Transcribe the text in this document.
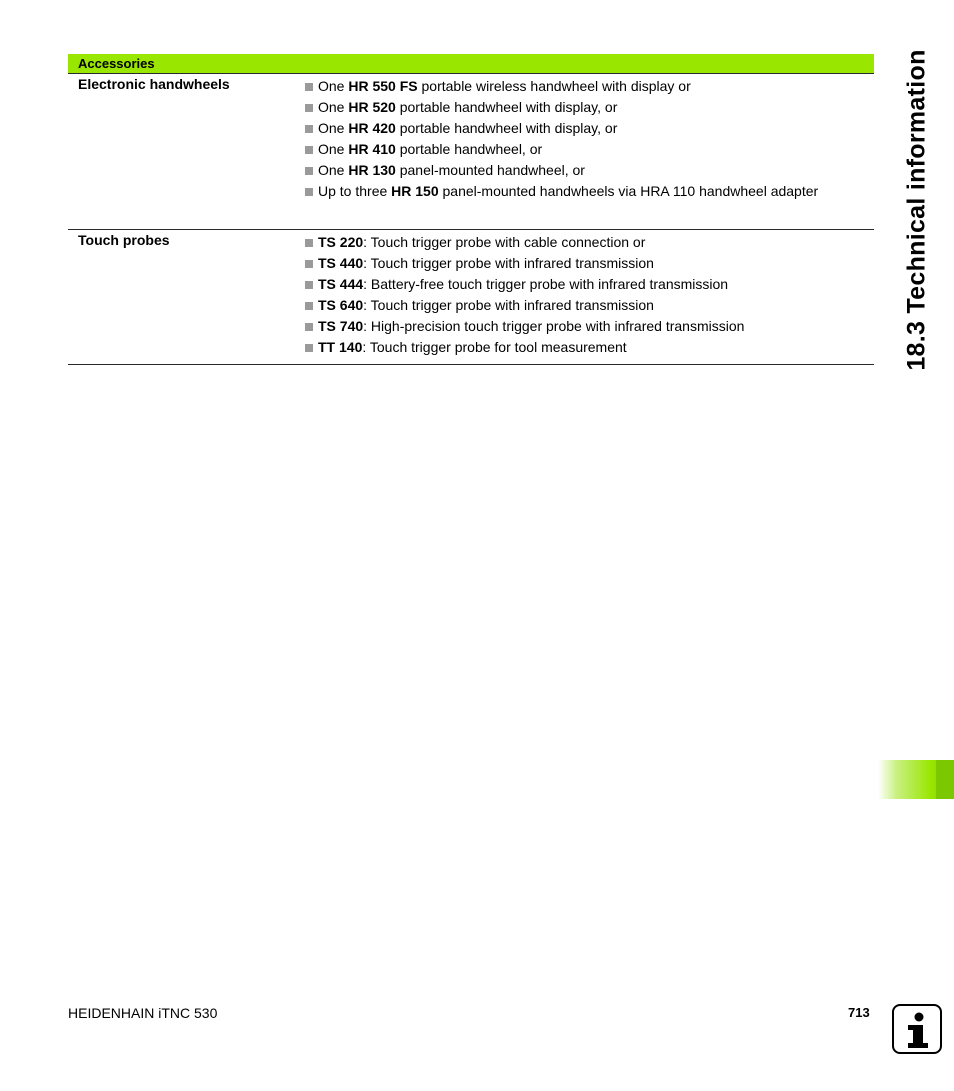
Accessories
Electronic handwheels	One HR 550 FS portable wireless handwheel with display or
One HR 520 portable handwheel with display, or
One HR 420 portable handwheel with display, or
One HR 410 portable handwheel, or
One HR 130 panel-mounted handwheel, or
Up to three HR 150 panel-mounted handwheels via HRA 110 handwheel adapter
Touch probes	TS 220: Touch trigger probe with cable connection or
TS 440: Touch trigger probe with infrared transmission
TS 444: Battery-free touch trigger probe with infrared transmission
TS 640: Touch trigger probe with infrared transmission
TS 740: High-precision touch trigger probe with infrared transmission
TT 140: Touch trigger probe for tool measurement	18.3 Technical information
HEIDENHAIN iTNC 530	713
